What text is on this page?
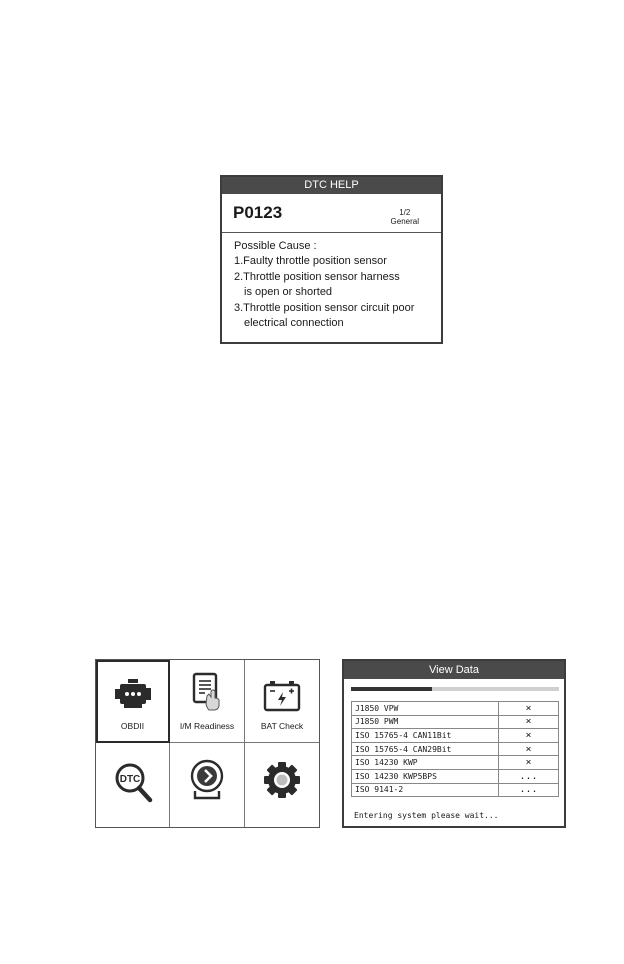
DTC HELP
P0123	1/2
General
Possible Cause :
1.Faulty throttle position sensor
2.Throttle position sensor harness
is open or shorted
3.Throttle position sensor circuit poor
electrical connection
OBDII	I/M Readiness	BAT Check
DTC
View Data
J1850 VPW	×
J1850 PWM	×
ISO 15765-4 CAN11Bit	×
ISO 15765-4 CAN29Bit	×
ISO 14230 KWP	×
ISO 14230 KWP5BPS	...
ISO 9141-2	...
Entering system please wait...
